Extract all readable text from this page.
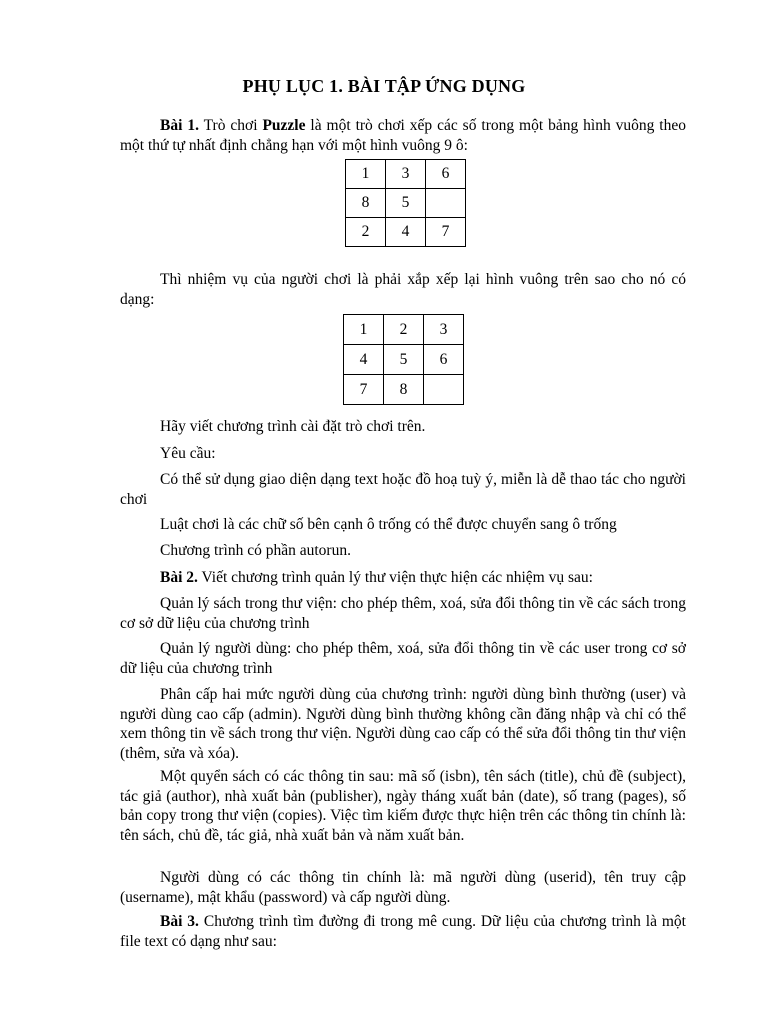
PHỤ LỤC 1. BÀI TẬP ỨNG DỤNG
Bài 1. Trò chơi Puzzle là một trò chơi xếp các số trong một bảng hình vuông theo một thứ tự nhất định chẳng hạn với một hình vuông 9 ô:
1	3	6
8	5	
2	4	7
Thì nhiệm vụ của người chơi là phải xắp xếp lại hình vuông trên sao cho nó có dạng:
1	2	3
4	5	6
7	8	
Hãy viết chương trình cài đặt trò chơi trên.
Yêu cầu:
Có thể sử dụng giao diện dạng text hoặc đồ hoạ tuỳ ý, miễn là dễ thao tác cho người chơi
Luật chơi là các chữ số bên cạnh ô trống có thể được chuyển sang ô trống
Chương trình có phần autorun.
Bài 2. Viết chương trình quản lý thư viện thực hiện các nhiệm vụ sau:
Quản lý sách trong thư viện: cho phép thêm, xoá, sửa đổi thông tin về các sách trong cơ sở dữ liệu của chương trình
Quản lý người dùng: cho phép thêm, xoá, sửa đổi thông tin về các user trong cơ sở dữ liệu của chương trình
Phân cấp hai mức người dùng của chương trình: người dùng bình thường (user) và người dùng cao cấp (admin). Người dùng bình thường không cần đăng nhập và chỉ có thể xem thông tin về sách trong thư viện. Người dùng cao cấp có thể sửa đổi thông tin thư viện (thêm, sửa và xóa).
Một quyển sách có các thông tin sau: mã số (isbn), tên sách (title), chủ đề (subject), tác giả (author), nhà xuất bản (publisher), ngày tháng xuất bản (date), số trang (pages), số bản copy trong thư viện (copies). Việc tìm kiếm được thực hiện trên các thông tin chính là: tên sách, chủ đề, tác giả, nhà xuất bản và năm xuất bản.
Người dùng có các thông tin chính là: mã người dùng (userid), tên truy cập (username), mật khẩu (password) và cấp người dùng.
Bài 3. Chương trình tìm đường đi trong mê cung. Dữ liệu của chương trình là một file text có dạng như sau:
